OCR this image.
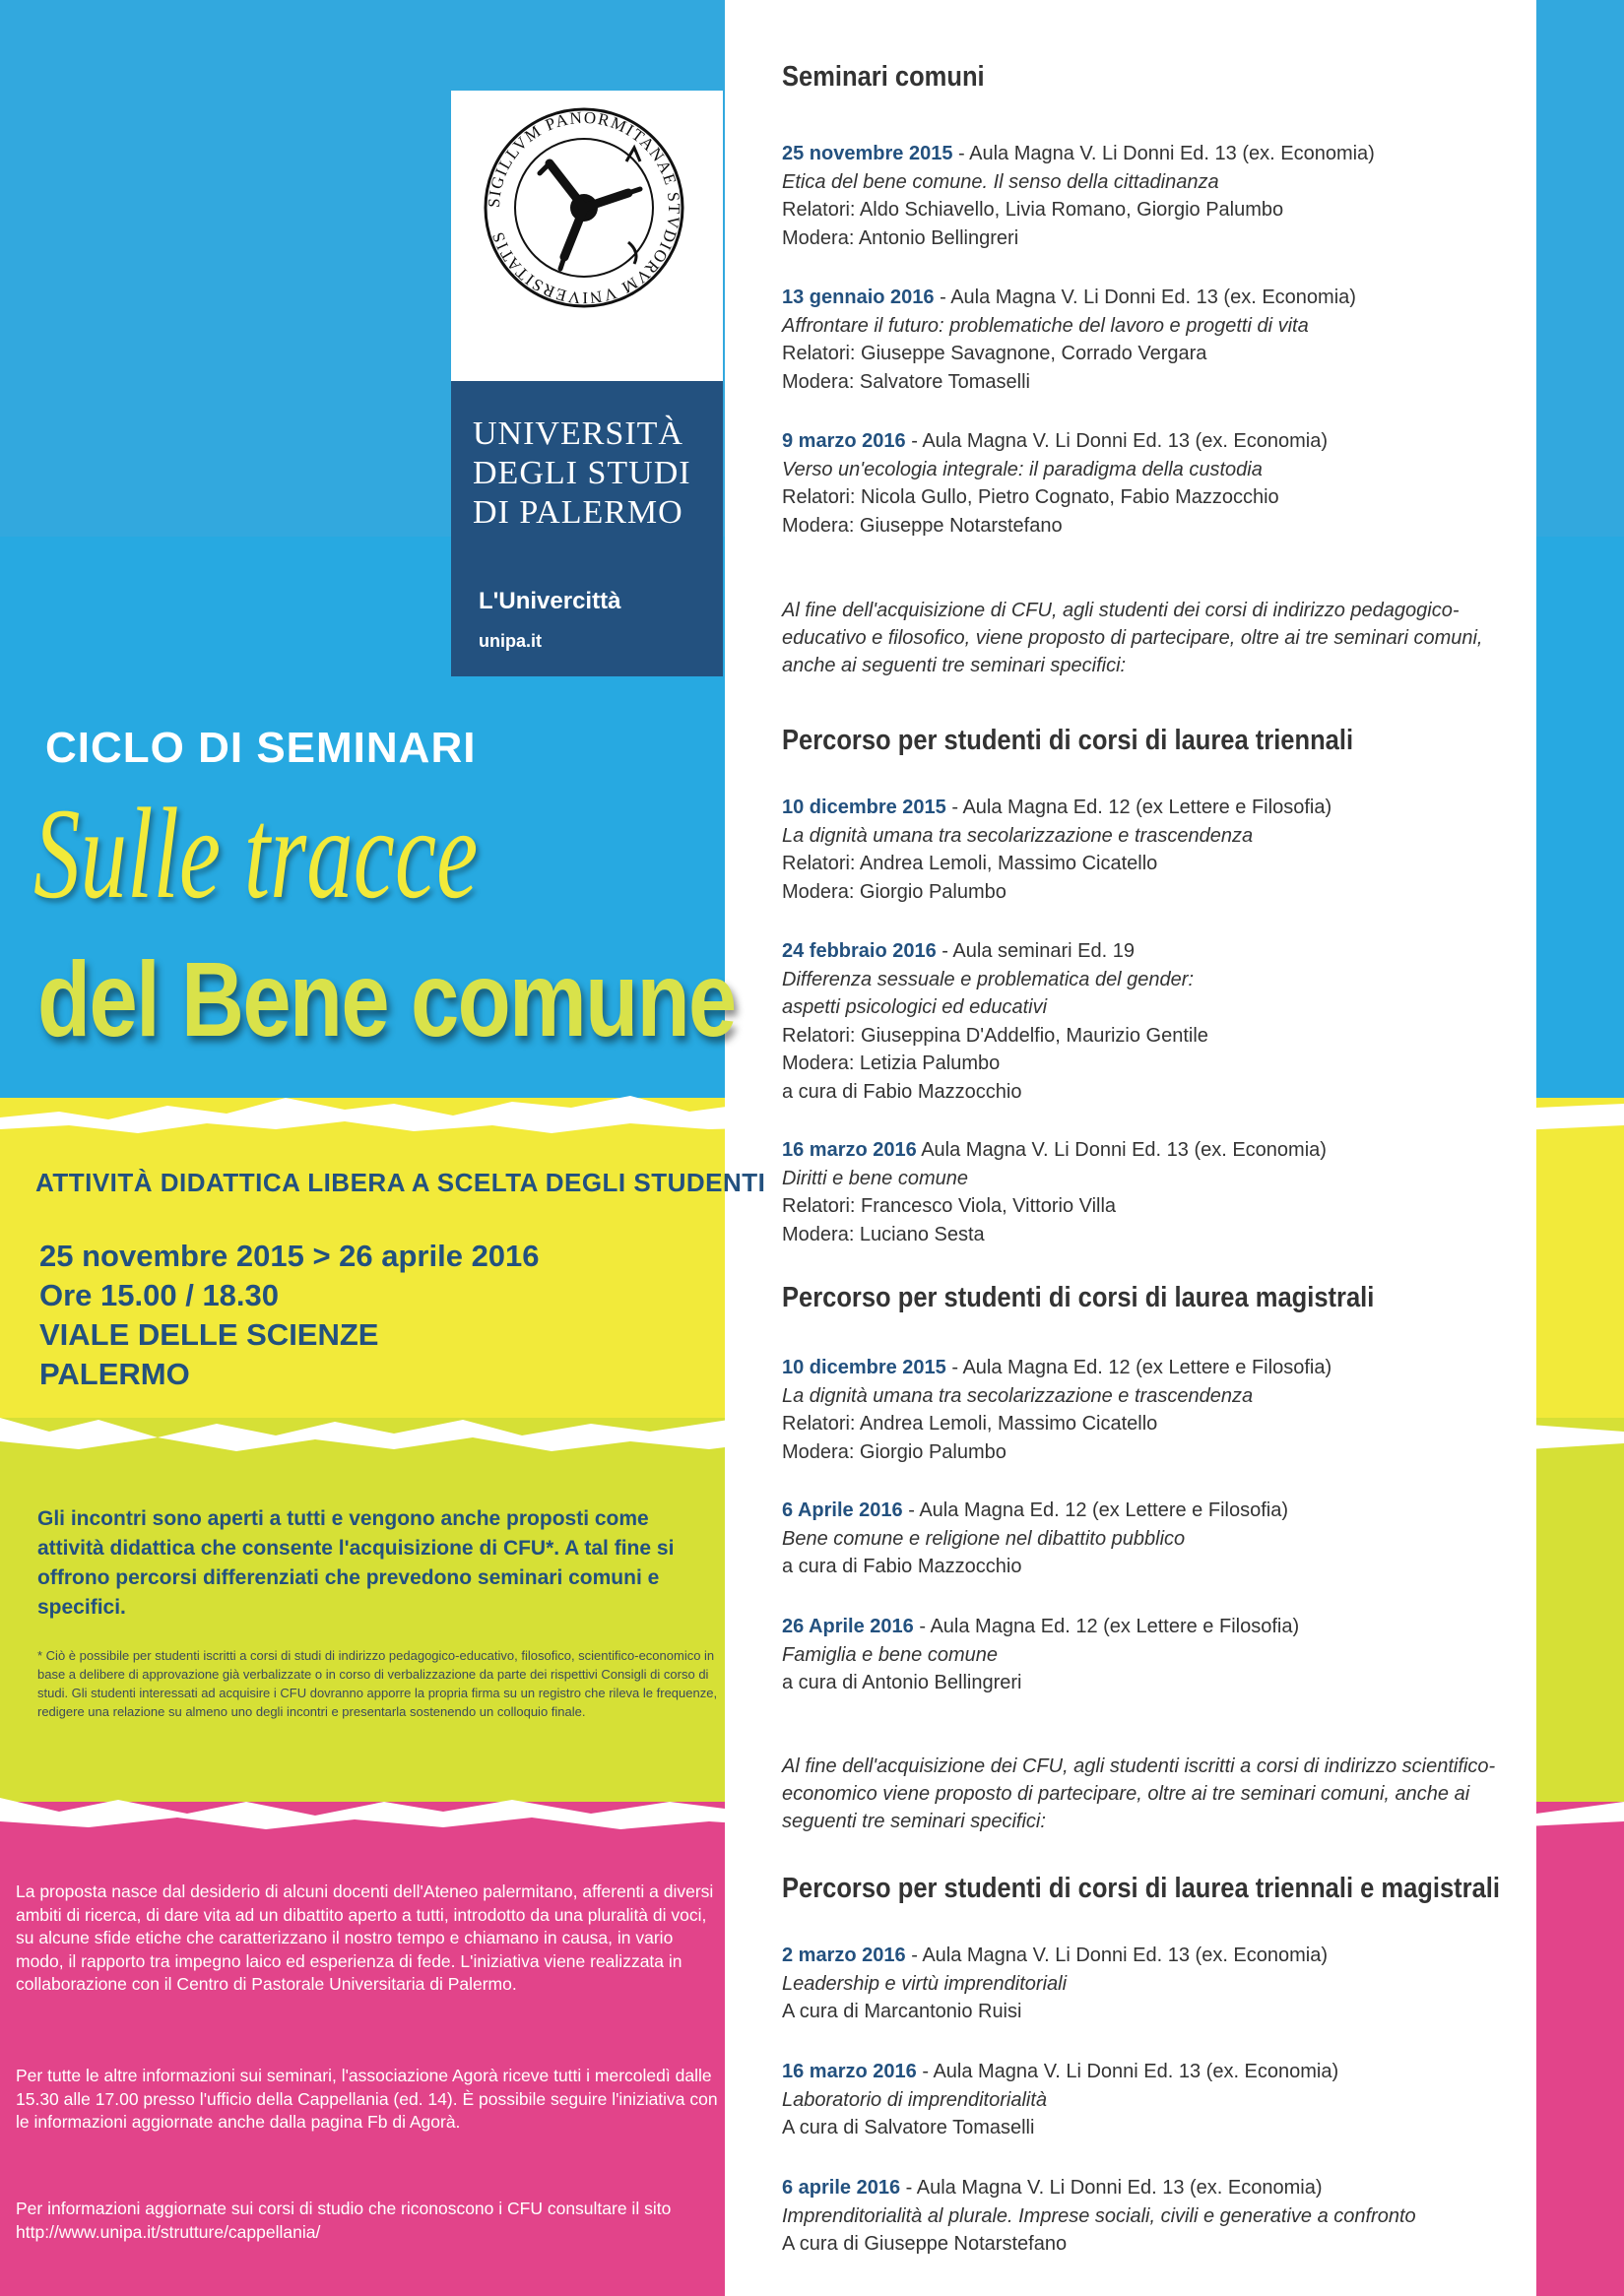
SIGILLVM PANORMITANAE STVDIORVM VNIVERSITATIS
UNIVERSITÀ
DEGLI STUDI
DI PALERMO
L'Univercittà
unipa.it
CICLO DI SEMINARI
Sulle tracce
del Bene comune
ATTIVITÀ DIDATTICA LIBERA A SCELTA DEGLI STUDENTI
25 novembre 2015 > 26 aprile 2016
Ore 15.00 / 18.30
VIALE DELLE SCIENZE
PALERMO
Gli incontri sono aperti a tutti e vengono anche proposti come attività didattica che consente l'acquisizione di CFU*. A tal fine si offrono percorsi differenziati che prevedono seminari comuni e specifici.
* Ciò è possibile per studenti iscritti a corsi di studi di indirizzo pedagogico-educativo, filosofico, scientifico-economico in base a delibere di approvazione già verbalizzate o in corso di verbalizzazione da parte dei rispettivi Consigli di corso di studi. Gli studenti interessati ad acquisire i CFU dovranno apporre la propria firma su un registro che rileva le frequenze, redigere una relazione su almeno uno degli incontri e presentarla sostenendo un colloquio finale.
La proposta nasce dal desiderio di alcuni docenti dell'Ateneo palermitano, afferenti a diversi ambiti di ricerca, di dare vita ad un dibattito aperto a tutti, introdotto da una pluralità di voci, su alcune sfide etiche che caratterizzano il nostro tempo e chiamano in causa, in vario modo, il rapporto tra impegno laico ed esperienza di fede. L'iniziativa viene realizzata in collaborazione con il Centro di Pastorale Universitaria di Palermo.
Per tutte le altre informazioni sui seminari, l'associazione Agorà riceve tutti i mercoledì dalle 15.30 alle 17.00 presso l'ufficio della Cappellania (ed. 14). È possibile seguire l'iniziativa con le informazioni aggiornate anche dalla pagina Fb di Agorà.
Per informazioni aggiornate sui corsi di studio che riconoscono i CFU consultare il sito http://www.unipa.it/strutture/cappellania/
Seminari comuni
25 novembre 2015 - Aula Magna V. Li Donni Ed. 13 (ex. Economia)
Etica del bene comune. Il senso della cittadinanza
Relatori: Aldo Schiavello, Livia Romano, Giorgio Palumbo
Modera: Antonio Bellingreri
13 gennaio 2016 - Aula Magna V. Li Donni Ed. 13 (ex. Economia)
Affrontare il futuro: problematiche del lavoro e progetti di vita
Relatori: Giuseppe Savagnone, Corrado Vergara
Modera: Salvatore Tomaselli
9 marzo 2016 - Aula Magna V. Li Donni Ed. 13 (ex. Economia)
Verso un'ecologia integrale: il paradigma della custodia
Relatori: Nicola Gullo, Pietro Cognato, Fabio Mazzocchio
Modera: Giuseppe Notarstefano
Al fine dell'acquisizione di CFU, agli studenti dei corsi di indirizzo pedagogico-educativo e filosofico, viene proposto di partecipare, oltre ai tre seminari comuni, anche ai seguenti tre seminari specifici:
Percorso per studenti di corsi di laurea triennali
10 dicembre 2015 - Aula Magna Ed. 12 (ex Lettere e Filosofia)
La dignità umana tra secolarizzazione e trascendenza
Relatori: Andrea Lemoli, Massimo Cicatello
Modera: Giorgio Palumbo
24 febbraio 2016 - Aula seminari Ed. 19
Differenza sessuale e problematica del gender:
aspetti psicologici ed educativi
Relatori: Giuseppina D'Addelfio, Maurizio Gentile
Modera: Letizia Palumbo
a cura di Fabio Mazzocchio
16 marzo 2016 Aula Magna V. Li Donni Ed. 13 (ex. Economia)
Diritti e bene comune
Relatori: Francesco Viola, Vittorio Villa
Modera: Luciano Sesta
Percorso per studenti di corsi di laurea magistrali
10 dicembre 2015 - Aula Magna Ed. 12 (ex Lettere e Filosofia)
La dignità umana tra secolarizzazione e trascendenza
Relatori: Andrea Lemoli, Massimo Cicatello
Modera: Giorgio Palumbo
6 Aprile 2016 - Aula Magna Ed. 12 (ex Lettere e Filosofia)
Bene comune e religione nel dibattito pubblico
a cura di Fabio Mazzocchio
26 Aprile 2016 - Aula Magna Ed. 12 (ex Lettere e Filosofia)
Famiglia e bene comune
a cura di Antonio Bellingreri
Al fine dell'acquisizione dei CFU, agli studenti iscritti a corsi di indirizzo scientifico-economico viene proposto di partecipare, oltre ai tre seminari comuni, anche ai seguenti tre seminari specifici:
Percorso per studenti di corsi di laurea triennali e magistrali
2 marzo 2016 - Aula Magna V. Li Donni Ed. 13 (ex. Economia)
Leadership e virtù imprenditoriali
A cura di Marcantonio Ruisi
16 marzo 2016 - Aula Magna V. Li Donni Ed. 13 (ex. Economia)
Laboratorio di imprenditorialità
A cura di Salvatore Tomaselli
6 aprile 2016 - Aula Magna V. Li Donni Ed. 13 (ex. Economia)
Imprenditorialità al plurale. Imprese sociali, civili e generative a confronto
A cura di Giuseppe Notarstefano
